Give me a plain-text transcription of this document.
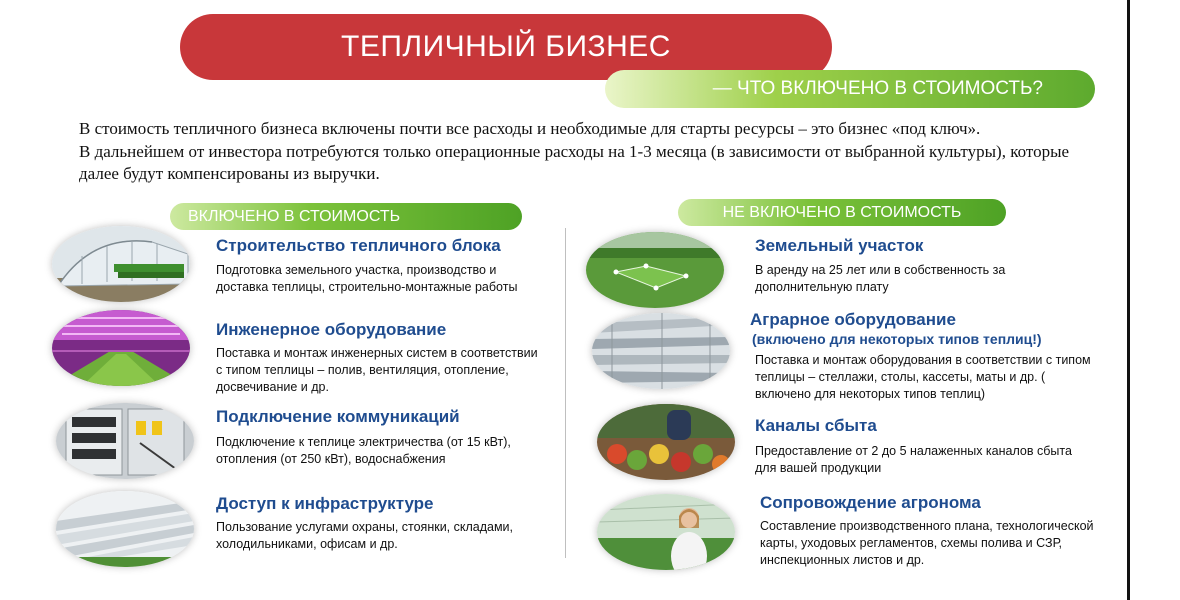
ТЕПЛИЧНЫЙ БИЗНЕС
— ЧТО ВКЛЮЧЕНО В СТОИМОСТЬ?

В стоимость тепличного бизнеса включены почти все расходы и необходимые для старты ресурсы – это бизнес «под ключ».

В дальнейшем от инвестора потребуются только операционные расходы на 1-3 месяца (в зависимости от выбранной культуры), которые далее будут компенсированы из выручки.

ВКЛЮЧЕНО В СТОИМОСТЬ	НЕ ВКЛЮЧЕНО В СТОИМОСТЬ
Строительство тепличного блока
Подготовка земельного участка, производство и доставка теплицы, строительно-монтажные работы
Инженерное оборудование
Поставка и монтаж инженерных систем в соответствии с типом теплицы – полив, вентиляция, отопление, досвечивание и др.
Подключение коммуникаций
Подключение к теплице электричества (от 15 кВт), отопления (от 250 кВт), водоснабжения
Доступ к инфраструктуре
Пользование услугами охраны, стоянки, складами, холодильниками, офисам и др.
Земельный участок
В аренду на 25 лет или в собственность за дополнительную плату
Аграрное оборудование
(включено для некоторых типов теплиц!)
Поставка и монтаж оборудования в соответствии с типом теплицы – стеллажи, столы, кассеты, маты и др. ( включено для некоторых типов теплиц)
Каналы сбыта
Предоставление от 2 до 5 налаженных каналов сбыта для вашей продукции
Сопровождение агронома
Составление производственного плана, технологической карты, уходовых регламентов, схемы полива и СЗР, инспекционных листов и др.
